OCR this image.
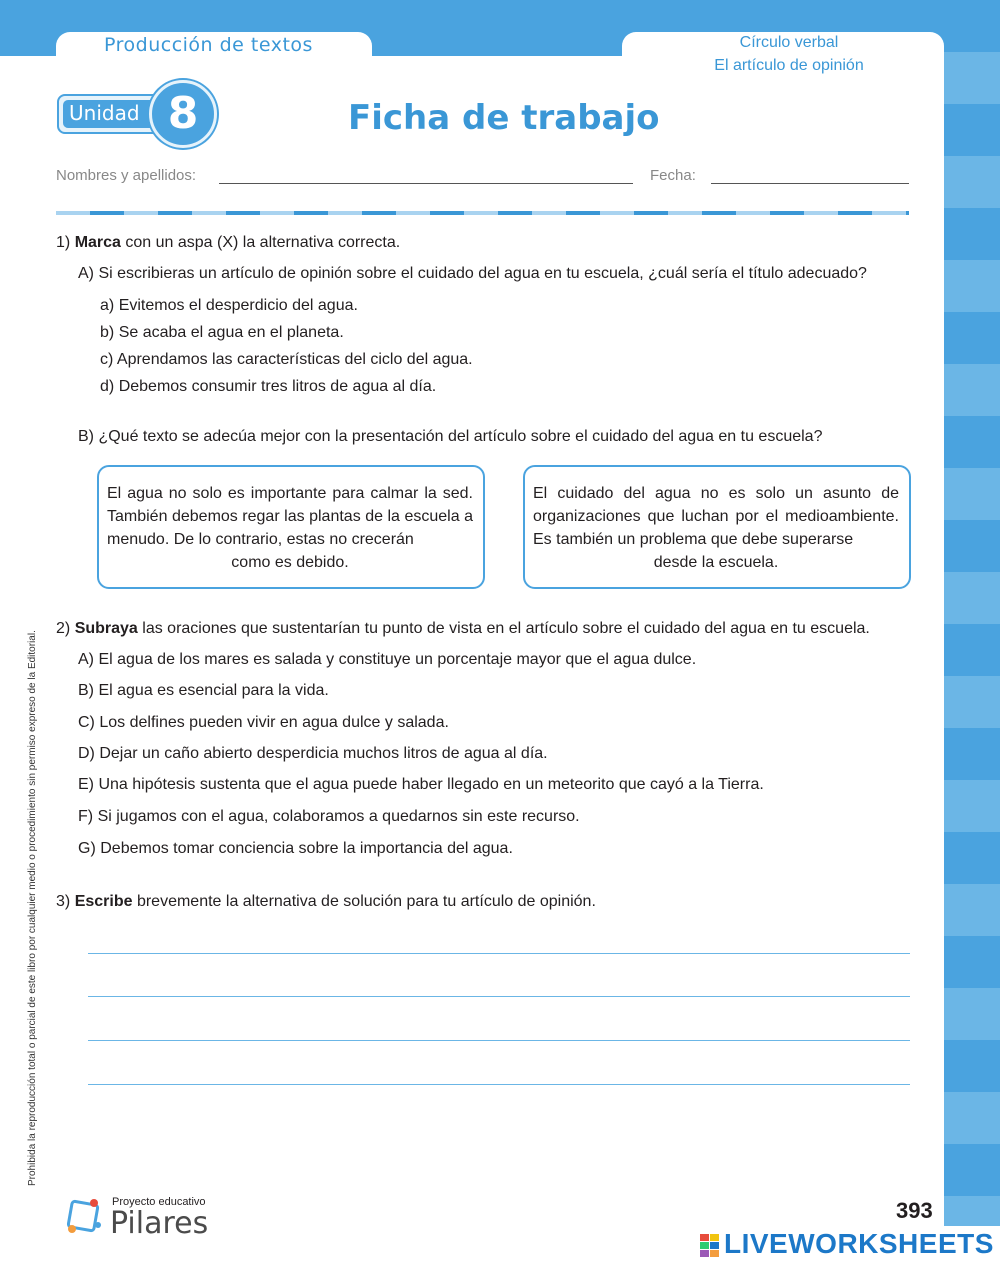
Producción de textos	Círculo verbal
El artículo de opinión
Unidad 8	Ficha de trabajo
Nombres y apellidos:	Fecha:
1) Marca con un aspa (X) la alternativa correcta.
A) Si escribieras un artículo de opinión sobre el cuidado del agua en tu escuela, ¿cuál sería el título adecuado?
a) Evitemos el desperdicio del agua.
b) Se acaba el agua en el planeta.
c) Aprendamos las características del ciclo del agua.
d) Debemos consumir tres litros de agua al día.
B) ¿Qué texto se adecúa mejor con la presentación del artículo sobre el cuidado del agua en tu escuela?
El agua no solo es importante para calmar la sed. También debemos regar las plantas de la escuela a menudo. De lo contrario, estas no crecerán
como es debido.
El cuidado del agua no es solo un asunto de organizaciones que luchan por el medioambiente. Es también un problema que debe superarse
desde la escuela.
2) Subraya las oraciones que sustentarían tu punto de vista en el artículo sobre el cuidado del agua en tu escuela.
A) El agua de los mares es salada y constituye un porcentaje mayor que el agua dulce.
B) El agua es esencial para la vida.
C) Los delfines pueden vivir en agua dulce y salada.
D) Dejar un caño abierto desperdicia muchos litros de agua al día.
E) Una hipótesis sustenta que el agua puede haber llegado en un meteorito que cayó a la Tierra.
F) Si jugamos con el agua, colaboramos a quedarnos sin este recurso.
G) Debemos tomar conciencia sobre la importancia del agua.
3) Escribe brevemente la alternativa de solución para tu artículo de opinión.
Prohibida la reproducción total o parcial de este libro por cualquier medio o procedimiento sin permiso expreso de la Editorial.
Proyecto educativo
Pilares	393
LIVEWORKSHEETS
